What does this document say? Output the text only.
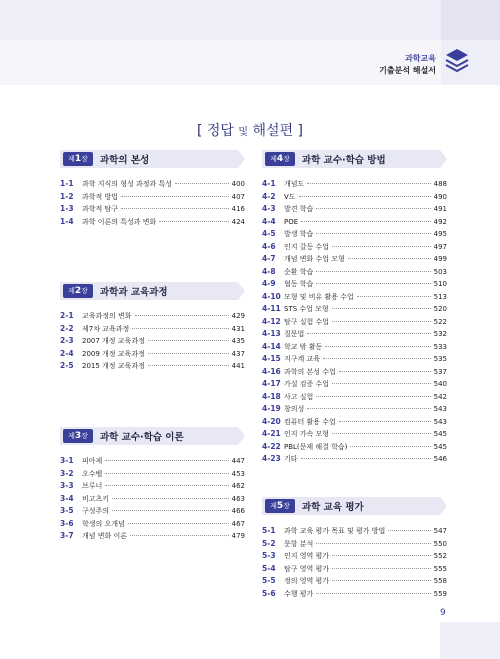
과학교육
기출분석 해설서
[ 정답 및 해설편 ]
제1장	과학의 본성
1-1	과학 지식의 형성 과정과 특성	400
1-2	과학적 방법	407
1-3	과학적 탐구	416
1-4	과학 이론의 특성과 변화	424
제2장	과학과 교육과정
2-1	교육과정의 변화	429
2-2	제7차 교육과정	431
2-3	2007 개정 교육과정	435
2-4	2009 개정 교육과정	437
2-5	2015 개정 교육과정	441
제3장	과학 교수·학습 이론
3-1	피아제	447
3-2	오수벨	453
3-3	브루너	462
3-4	비고츠키	463
3-5	구성주의	466
3-6	학생의 오개념	467
3-7	개념 변화 이론	479
제4장	과학 교수·학습 방법
4-1	개념도	488
4-2	V도	490
4-3	발견 학습	491
4-4	POE	492
4-5	발생 학습	495
4-6	인지 갈등 수업	497
4-7	개념 변화 수업 모형	499
4-8	순환 학습	503
4-9	협동 학습	510
4-10 모형 및 비유 활용 수업	513
4-11 STS 수업 모형	520
4-12 탐구 실험 수업	522
4-13 질문법	532
4-14 학교 밖 활동	533
4-15 지구계 교육	535
4-16 과학의 본성 수업	537
4-17 가설 검증 수업	540
4-18 사고 실험	542
4-19 창의성	543
4-20 컴퓨터 활용 수업	543
4-21 인지 가속 모형	545
4-22 PBL(문제 해결 학습)	545
4-23 기타	546
제5장	과학 교육 평가
5-1	과학 교육 평가 목표 및 평가 방법	547
5-2	문항 분석	550
5-3	인지 영역 평가	552
5-4	탐구 영역 평가	555
5-5	정의 영역 평가	558
5-6	수행 평가	559
9
